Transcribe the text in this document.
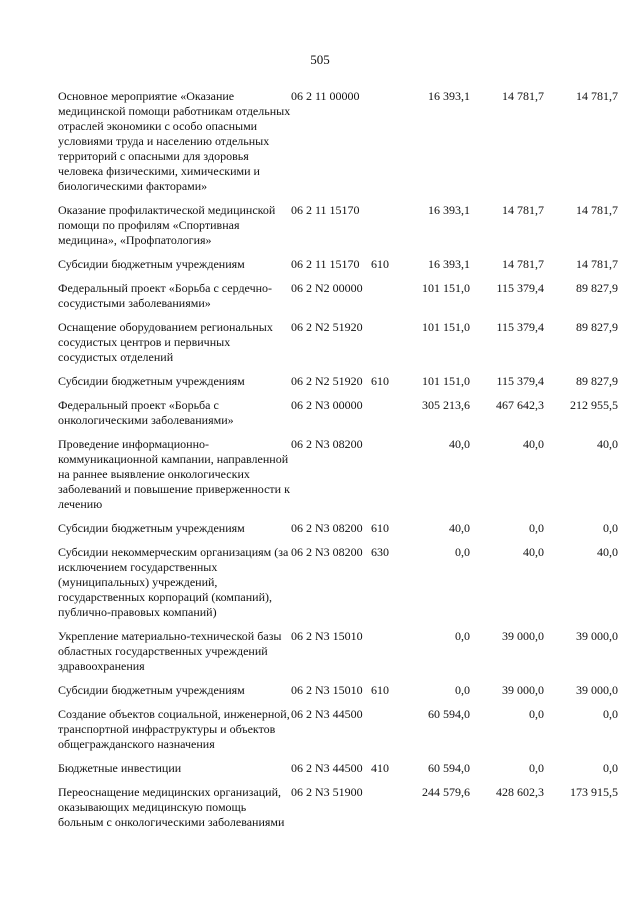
505
Основное мероприятие «Оказание медицинской помощи работникам отдельных отраслей экономики с особо опасными условиями труда и населению отдельных территорий с опасными для здоровья человека физическими, химическими и биологическими факторами»	06 2 11 00000		16 393,1	14 781,7	14 781,7

Оказание профилактической медицинской помощи по профилям «Спортивная медицина», «Профпатология»	06 2 11 15170		16 393,1	14 781,7	14 781,7

Субсидии бюджетным учреждениям	06 2 11 15170	610	16 393,1	14 781,7	14 781,7

Федеральный проект «Борьба с сердечно-сосудистыми заболеваниями»	06 2 N2 00000		101 151,0	115 379,4	89 827,9

Оснащение оборудованием региональных сосудистых центров и первичных сосудистых отделений	06 2 N2 51920		101 151,0	115 379,4	89 827,9

Субсидии бюджетным учреждениям	06 2 N2 51920	610	101 151,0	115 379,4	89 827,9

Федеральный проект «Борьба с онкологическими заболеваниями»	06 2 N3 00000		305 213,6	467 642,3	212 955,5

Проведение информационно-коммуникационной кампании, направленной на раннее выявление онкологических заболеваний и повышение приверженности к лечению	06 2 N3 08200		40,0	40,0	40,0

Субсидии бюджетным учреждениям	06 2 N3 08200	610	40,0	0,0	0,0

Субсидии некоммерческим организациям (за исключением государственных (муниципальных) учреждений, государственных корпораций (компаний), публично-правовых компаний)	06 2 N3 08200	630	0,0	40,0	40,0

Укрепление материально-технической базы областных государственных учреждений здравоохранения	06 2 N3 15010		0,0	39 000,0	39 000,0

Субсидии бюджетным учреждениям	06 2 N3 15010	610	0,0	39 000,0	39 000,0

Создание объектов социальной, инженерной, транспортной инфраструктуры и объектов общегражданского назначения	06 2 N3 44500		60 594,0	0,0	0,0

Бюджетные инвестиции	06 2 N3 44500	410	60 594,0	0,0	0,0

Переоснащение медицинских организаций, оказывающих медицинскую помощь больным с онкологическими заболеваниями	06 2 N3 51900		244 579,6	428 602,3	173 915,5
